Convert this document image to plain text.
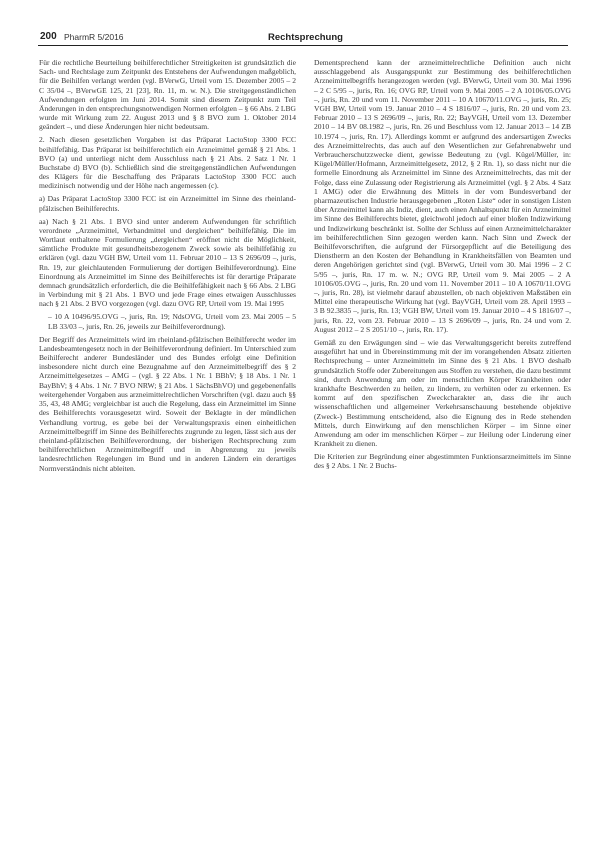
200 PharmR 5/2016	Rechtsprechung

Für die rechtliche Beurteilung beihilferechtlicher Streitigkeiten ist grundsätzlich die Sach- und Rechtslage zum Zeitpunkt des Entstehens der Aufwendungen maßgeblich, für die Beihilfen verlangt werden (vgl. BVerwG, Urteil vom 15. Dezember 2005 – 2 C 35/04 –, BVerwGE 125, 21 [23], Rn. 11, m. w. N.). Die streitgegenständlichen Aufwendungen erfolgten im Juni 2014. Somit sind diesem Zeitpunkt zum Teil Änderungen in den entsprechungsnotwendigen Normen erfolgten – § 66 Abs. 2 LBG wurde mit Wirkung zum 22. August 2013 und § 8 BVO zum 1. Oktober 2014 geändert –, und diese Änderungen hier nicht bedeutsam.

2. Nach diesen gesetzlichen Vorgaben ist das Präparat LactoStop 3300 FCC beihilfefähig. Das Präparat ist beihilferechtlich ein Arzneimittel gemäß § 21 Abs. 1 BVO (a) und unterliegt nicht dem Ausschluss nach § 21 Abs. 2 Satz 1 Nr. 1 Buchstabe d) BVO (b). Schließlich sind die streitgegenständlichen Aufwendungen des Klägers für die Beschaffung des Präparats LactoStop 3300 FCC auch medizinisch notwendig und der Höhe nach angemessen (c).

a) Das Präparat LactoStop 3300 FCC ist ein Arzneimittel im Sinne des rheinland-pfälzischen Beihilferechts.

aa) Nach § 21 Abs. 1 BVO sind unter anderem Aufwendungen für schriftlich verordnete „Arzneimittel, Verbandmittel und dergleichen“ beihilfefähig. Die im Wortlaut enthaltene Formulierung „dergleichen“ eröffnet nicht die Möglichkeit, sämtliche Produkte mit gesundheitsbezogenem Zweck sowie als beihilfefähig zu erklären (vgl. dazu VGH BW, Urteil vom 11. Februar 2010 – 13 S 2696/09 –, juris, Rn. 19, zur gleichlautenden Formulierung der dortigen Beihilfeverordnung). Eine Einordnung als Arzneimittel im Sinne des Beihilferechts ist für derartige Präparate demnach grundsätzlich erforderlich, die die Beihilfefähigkeit nach § 66 Abs. 2 LBG in Verbindung mit § 21 Abs. 1 BVO und jede Frage eines etwaigen Ausschlusses nach § 21 Abs. 2 BVO vorgezogen (vgl. dazu OVG RP, Urteil vom 19. Mai 1995

– 10 A 10496/95.OVG –, juris, Rn. 19; NdsOVG, Urteil vom 23. Mai 2005 – 5 LB 33/03 –, juris, Rn. 26, jeweils zur Beihilfeverordnung).

Der Begriff des Arzneimittels wird im rheinland-pfälzischen Beihilferecht weder im Landesbeamtengesetz noch in der Beihilfeverordnung definiert. Im Unterschied zum Beihilferecht anderer Bundesländer und des Bundes erfolgt eine Definition insbesondere nicht durch eine Bezugnahme auf den Arzneimittelbegriff des § 2 Arzneimittelgesetzes – AMG – (vgl. § 22 Abs. 1 Nr. 1 BBhV; § 18 Abs. 1 Nr. 1 BayBhV; § 4 Abs. 1 Nr. 7 BVO NRW; § 21 Abs. 1 SächsBhVO) und gegebenenfalls weitergehender Vorgaben aus arzneimittelrechtlichen Vorschriften (vgl. dazu auch §§ 35, 43, 48 AMG; vergleichbar ist auch die Regelung, dass ein Arzneimittel im Sinne des Beihilferechts vorausgesetzt wird. Soweit der Beklagte in der mündlichen Verhandlung vortrug, es gebe bei der Verwaltungspraxis einen einheitlichen Arzneimittelbegriff im Sinne des Beihilferechts zugrunde zu legen, lässt sich aus der rheinland-pfälzischen Beihilfeverordnung, der bisherigen Rechtsprechung zum beihilferechtlichen Arzneimittelbegriff und in Abgrenzung zu jeweils landesrechtlichen Regelungen im Bund und in anderen Ländern ein derartiges Normverständnis nicht ableiten.

Dementsprechend kann der arzneimittelrechtliche Definition auch nicht ausschlaggebend als Ausgangspunkt zur Bestimmung des beihilferechtlichen Arzneimittelbegriffs herangezogen werden (vgl. BVerwG, Urteil vom 30. Mai 1996 – 2 C 5/95 –, juris, Rn. 16; OVG RP, Urteil vom 9. Mai 2005 – 2 A 10106/05.OVG –, juris, Rn. 20 und vom 11. November 2011 – 10 A 10670/11.OVG –, juris, Rn. 25; VGH BW, Urteil vom 19. Januar 2010 – 4 S 1816/07 –, juris, Rn. 20 und vom 23. Februar 2010 – 13 S 2696/09 –, juris, Rn. 22; BayVGH, Urteil vom 13. Dezember 2010 – 14 BV 08.1982 –, juris, Rn. 26 und Beschluss vom 12. Januar 2013 – 14 ZB 10.1974 –, juris, Rn. 17). Allerdings kommt er aufgrund des andersartigen Zwecks des Arzneimittelrechts, das auch auf den Wesentlichen zur Gefahrenabwehr und Verbraucherschutzzwecke dient, gewisse Bedeutung zu (vgl. Kügel/Müller, in: Kügel/Müller/Hofmann, Arzneimittelgesetz, 2012, § 2 Rn. 1), so dass nicht nur die formelle Einordnung als Arzneimittel im Sinne des Arzneimittelrechts, das mit der Folge, dass eine Zulassung oder Registrierung als Arzneimittel (vgl. § 2 Abs. 4 Satz 1 AMG) oder die Erwähnung des Mittels in der vom Bundesverband der pharmazeutischen Industrie herausgegebenen „Roten Liste“ oder in sonstigen Listen über Arzneimittel kann als Indiz, dient, auch einen Anhaltspunkt für ein Arzneimittel im Sinne des Beihilferechts bietet, gleichwohl jedoch auf einer bloßen Indizwirkung und Indizwirkung beschränkt ist. Sollte der Schluss auf einen Arzneimittelcharakter im beihilferechtlichen Sinn gezogen werden kann. Nach Sinn und Zweck der Beihilfevorschriften, die aufgrund der Fürsorgepflicht auf die Beteiligung des Dienstherrn an den Kosten der Behandlung in Krankheitsfällen von Beamten und deren Angehörigen gerichtet sind (vgl. BVerwG, Urteil vom 30. Mai 1996 – 2 C 5/95 –, juris, Rn. 17 m. w. N.; OVG RP, Urteil vom 9. Mai 2005 – 2 A 10106/05.OVG –, juris, Rn. 20 und vom 11. November 2011 – 10 A 10670/11.OVG –, juris, Rn. 28), ist vielmehr darauf abzustellen, ob nach objektiven Maßstäben ein Mittel eine therapeutische Wirkung hat (vgl. BayVGH, Urteil vom 28. April 1993 – 3 B 92.3835 –, juris, Rn. 13; VGH BW, Urteil vom 19. Januar 2010 – 4 S 1816/07 –, juris, Rn. 22, vom 23. Februar 2010 – 13 S 2696/09 –, juris, Rn. 24 und vom 2. August 2012 – 2 S 2051/10 –, juris, Rn. 17).

Gemäß zu den Erwägungen sind – wie das Verwaltungsgericht bereits zutreffend ausgeführt hat und in Übereinstimmung mit der im vorangehenden Absatz zitierten Rechtsprechung – unter Arzneimitteln im Sinne des § 21 Abs. 1 BVO deshalb grundsätzlich Stoffe oder Zubereitungen aus Stoffen zu verstehen, die dazu bestimmt sind, durch Anwendung am oder im menschlichen Körper Krankheiten oder krankhafte Beschwerden zu heilen, zu lindern, zu verhüten oder zu erkennen. Es kommt auf den spezifischen Zweckcharakter an, dass die ihr auch wissenschaftlichen und allgemeiner Verkehrsanschauung bestehende objektive (Zweck-) Bestimmung entscheidend, also die Eignung des in Rede stehenden Mittels, durch Einwirkung auf den menschlichen Körper – im Sinne einer Anwendung am oder im menschlichen Körper – zur Heilung oder Linderung einer Krankheit zu dienen.

Die Kriterien zur Begründung einer abgestimmten Funktionsarzneimittels im Sinne des § 2 Abs. 1 Nr. 2 Buchs-
